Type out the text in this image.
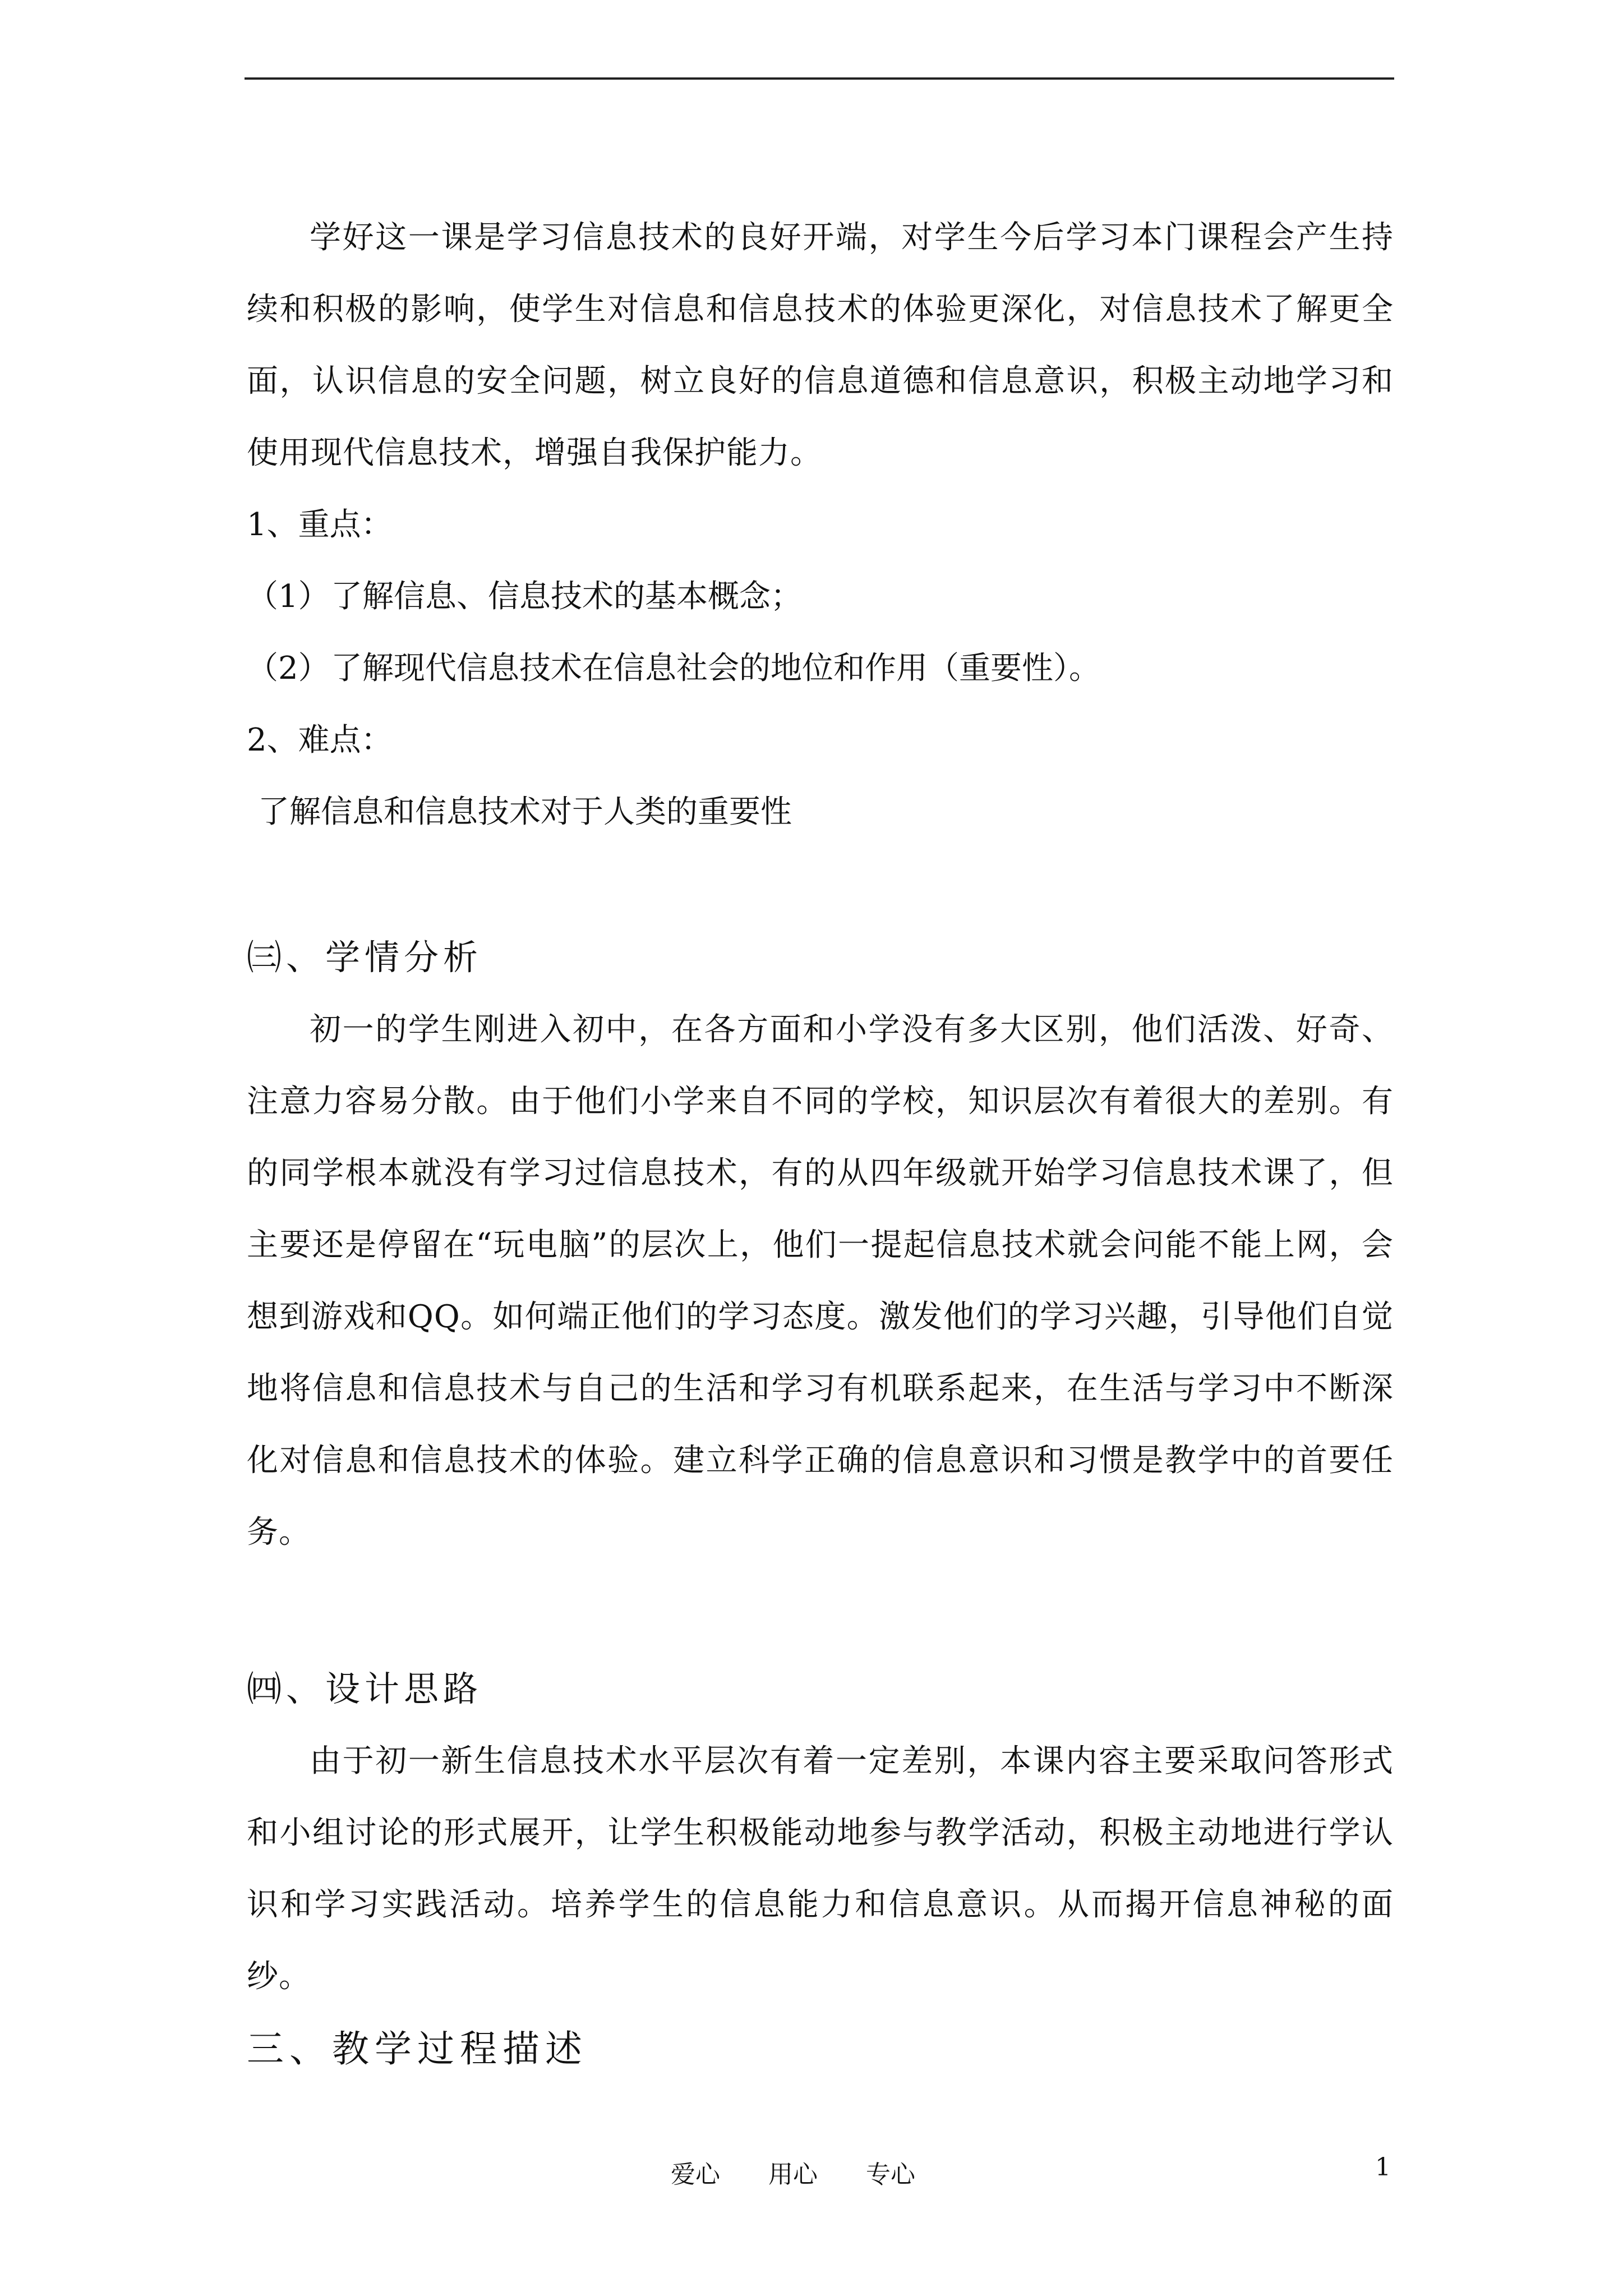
学好这一课是学习信息技术的良好开端，对学生今后学习本门课程会产生持续和积极的影响，使学生对信息和信息技术的体验更深化，对信息技术了解更全面，认识信息的安全问题，树立良好的信息道德和信息意识，积极主动地学习和使用现代信息技术，增强自我保护能力。

1、重点：

（1）了解信息、信息技术的基本概念；

（2）了解现代信息技术在信息社会的地位和作用（重要性）。

2、难点：

了解信息和信息技术对于人类的重要性

㈢、学情分析

初一的学生刚进入初中，在各方面和小学没有多大区别，他们活泼、好奇、注意力容易分散。由于他们小学来自不同的学校，知识层次有着很大的差别。有的同学根本就没有学习过信息技术，有的从四年级就开始学习信息技术课了，但主要还是停留在“玩电脑”的层次上，他们一提起信息技术就会问能不能上网，会想到游戏和QQ。如何端正他们的学习态度。激发他们的学习兴趣，引导他们自觉地将信息和信息技术与自己的生活和学习有机联系起来，在生活与学习中不断深化对信息和信息技术的体验。建立科学正确的信息意识和习惯是教学中的首要任务。

㈣、设计思路

由于初一新生信息技术水平层次有着一定差别，本课内容主要采取问答形式和小组讨论的形式展开，让学生积极能动地参与教学活动，积极主动地进行学认识和学习实践活动。培养学生的信息能力和信息意识。从而揭开信息神秘的面纱。

三、教学过程描述
爱心 用心 专心	1
